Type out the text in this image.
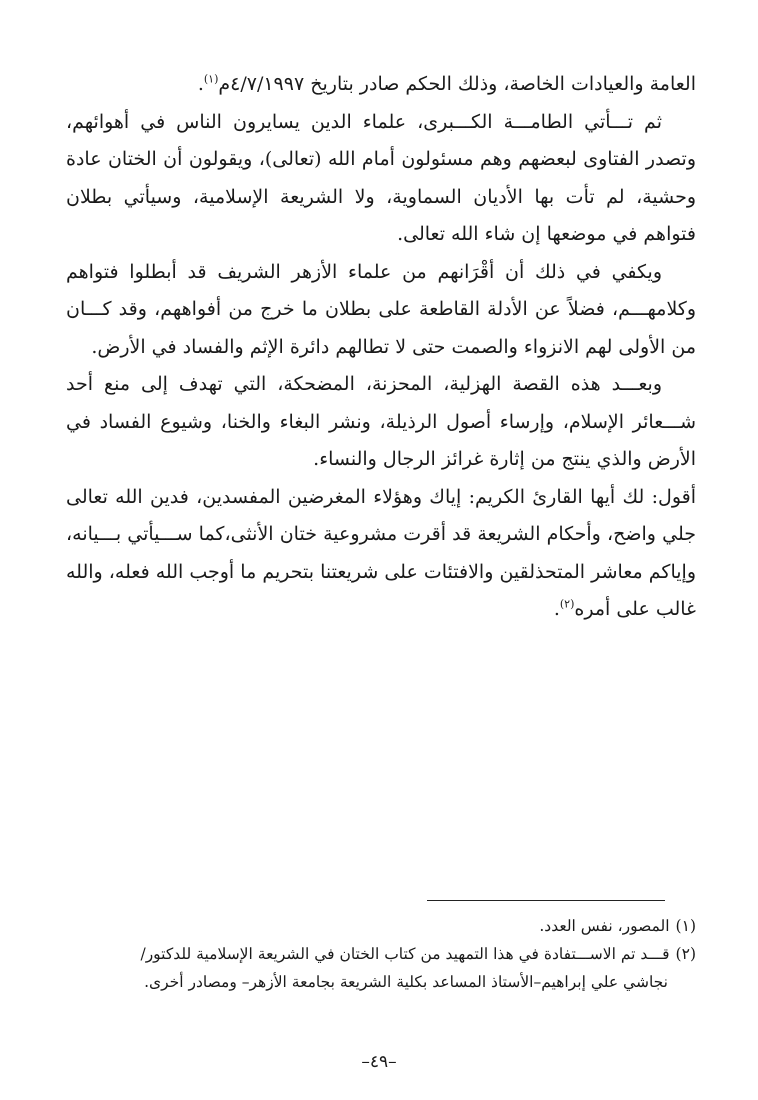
العامة والعيادات الخاصة، وذلك الحكم صادر بتاريخ ٤/٧/١٩٩٧م$^{(١)}$.

ثم تـــأتي الطامـــة الكـــبرى، علماء الدين يسايرون الناس في أهوائهم، وتصدر الفتاوى لبعضهم وهم مسئولون أمام الله (تعالى)، ويقولون أن الختان عادة وحشية، لم تأت بها الأديان السماوية، ولا الشريعة الإسلامية، وسيأتي بطلان فتواهم في موضعها إن شاء الله تعالى.

ويكفي في ذلك أن أقْرَانهم من علماء الأزهر الشريف قد أبطلوا فتواهم وكلامهـــم، فضلاً عن الأدلة القاطعة على بطلان ما خرج من أفواههم، وقد كـــان من الأولى لهم الانزواء والصمت حتى لا تطالهم دائرة الإثم والفساد في الأرض.

وبعـــد هذه القصة الهزلية، المحزنة، المضحكة، التي تهدف إلى منع أحد شـــعائر الإسلام، وإرساء أصول الرذيلة، ونشر البغاء والخنا، وشيوع الفساد في الأرض والذي ينتج من إثارة غرائز الرجال والنساء.

أقول: لك أيها القارئ الكريم: إياك وهؤلاء المغرضين المفسدين، فدين الله تعالى جلي واضح، وأحكام الشريعة قد أقرت مشروعية ختان الأنثى،كما ســـيأتي بـــيانه، وإياكم معاشر المتحذلقين والافتئات على شريعتنا بتحريم ما أوجب الله فعله، والله غالب على أمره$^{(٢)}$.

(١)المصور، نفس العدد.

(٢)قـــد تم الاســـتفادة في هذا التمهيد من كتاب الختان في الشريعة الإسلامية للدكتور/
نجاشي علي إبراهيم–الأستاذ المساعد بكلية الشريعة بجامعة الأزهر– ومصادر أخرى.

–٤٩–
